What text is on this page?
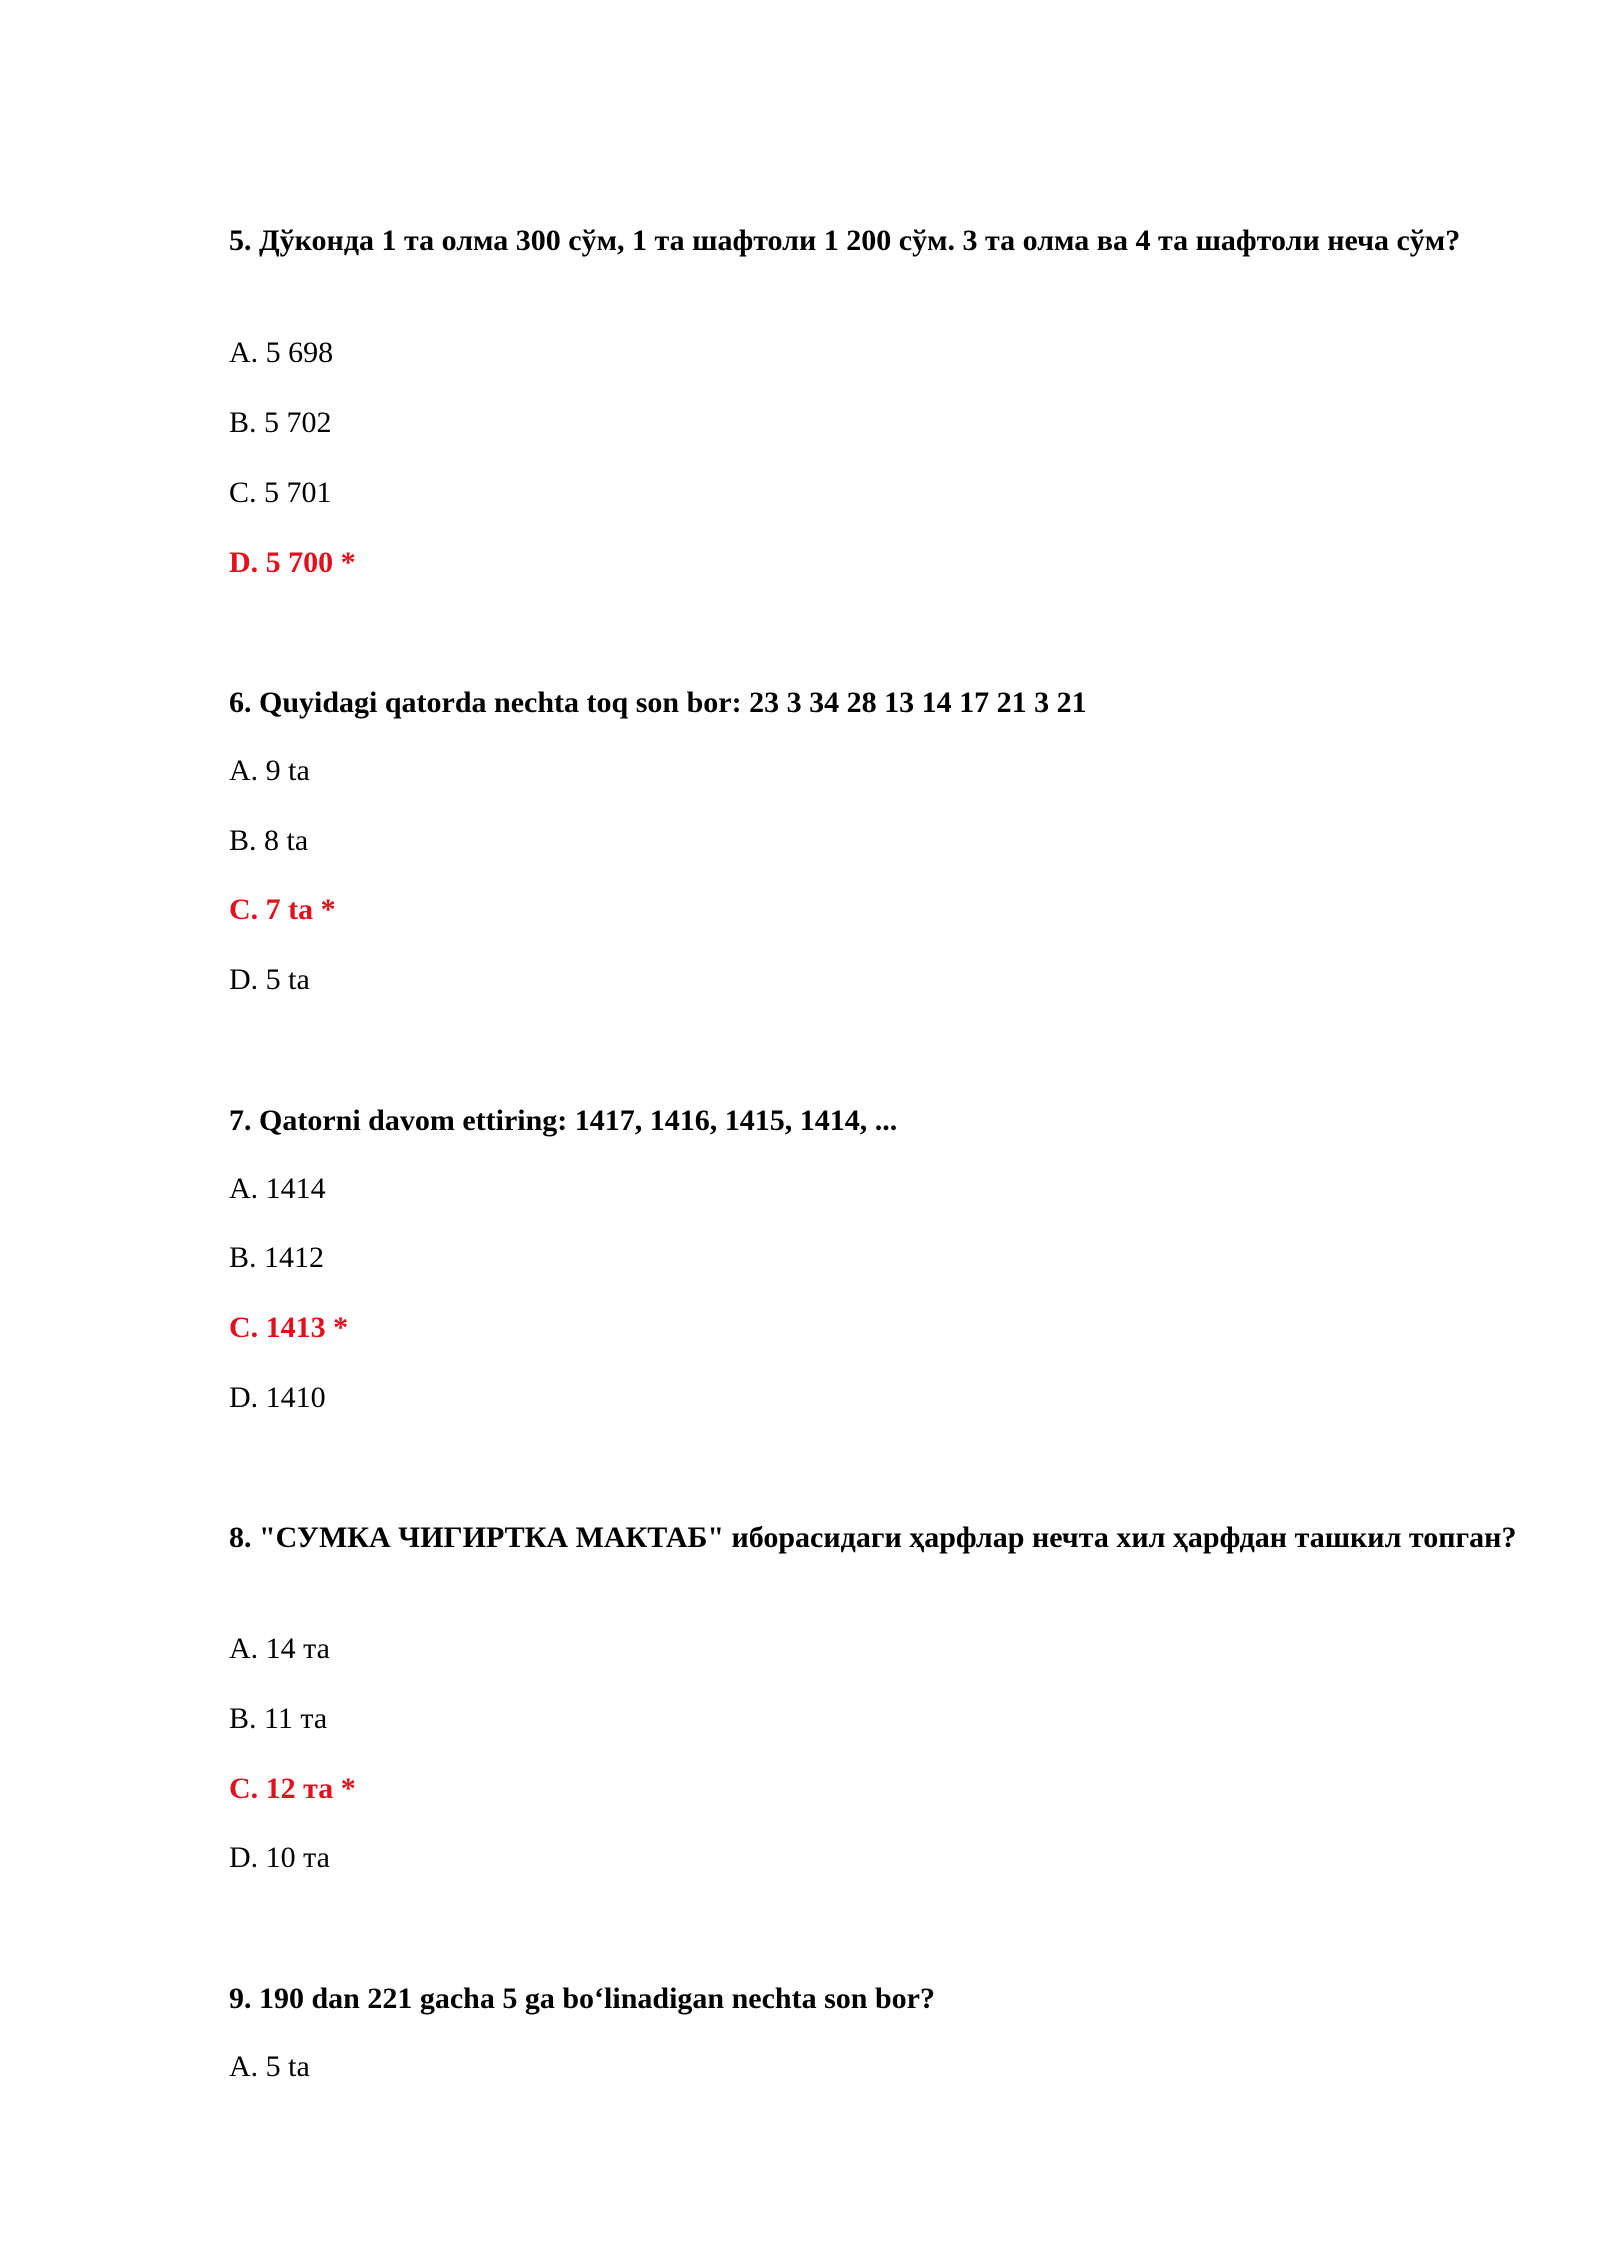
5. Дўконда 1 та олма 300 сўм, 1 та шафтоли 1 200 сўм. 3 та олма ва 4 та шафтоли неча сўм?
A. 5 698
B. 5 702
C. 5 701
D. 5 700 *
6. Quyidagi qatorda nechta toq son bor: 23 3 34 28 13 14 17 21 3 21
A. 9 ta
B. 8 ta
C. 7 ta *
D. 5 ta
7. Qatorni davom ettiring: 1417, 1416, 1415, 1414, ...
A. 1414
B. 1412
C. 1413 *
D. 1410
8. "СУМКА ЧИГИРТКА МАКТАБ" иборасидаги ҳарфлар нечта хил ҳарфдан ташкил топган?
A. 14 та
B. 11 та
C. 12 та *
D. 10 та
9. 190 dan 221 gacha 5 ga bo‘linadigan nechta son bor?
A. 5 ta
